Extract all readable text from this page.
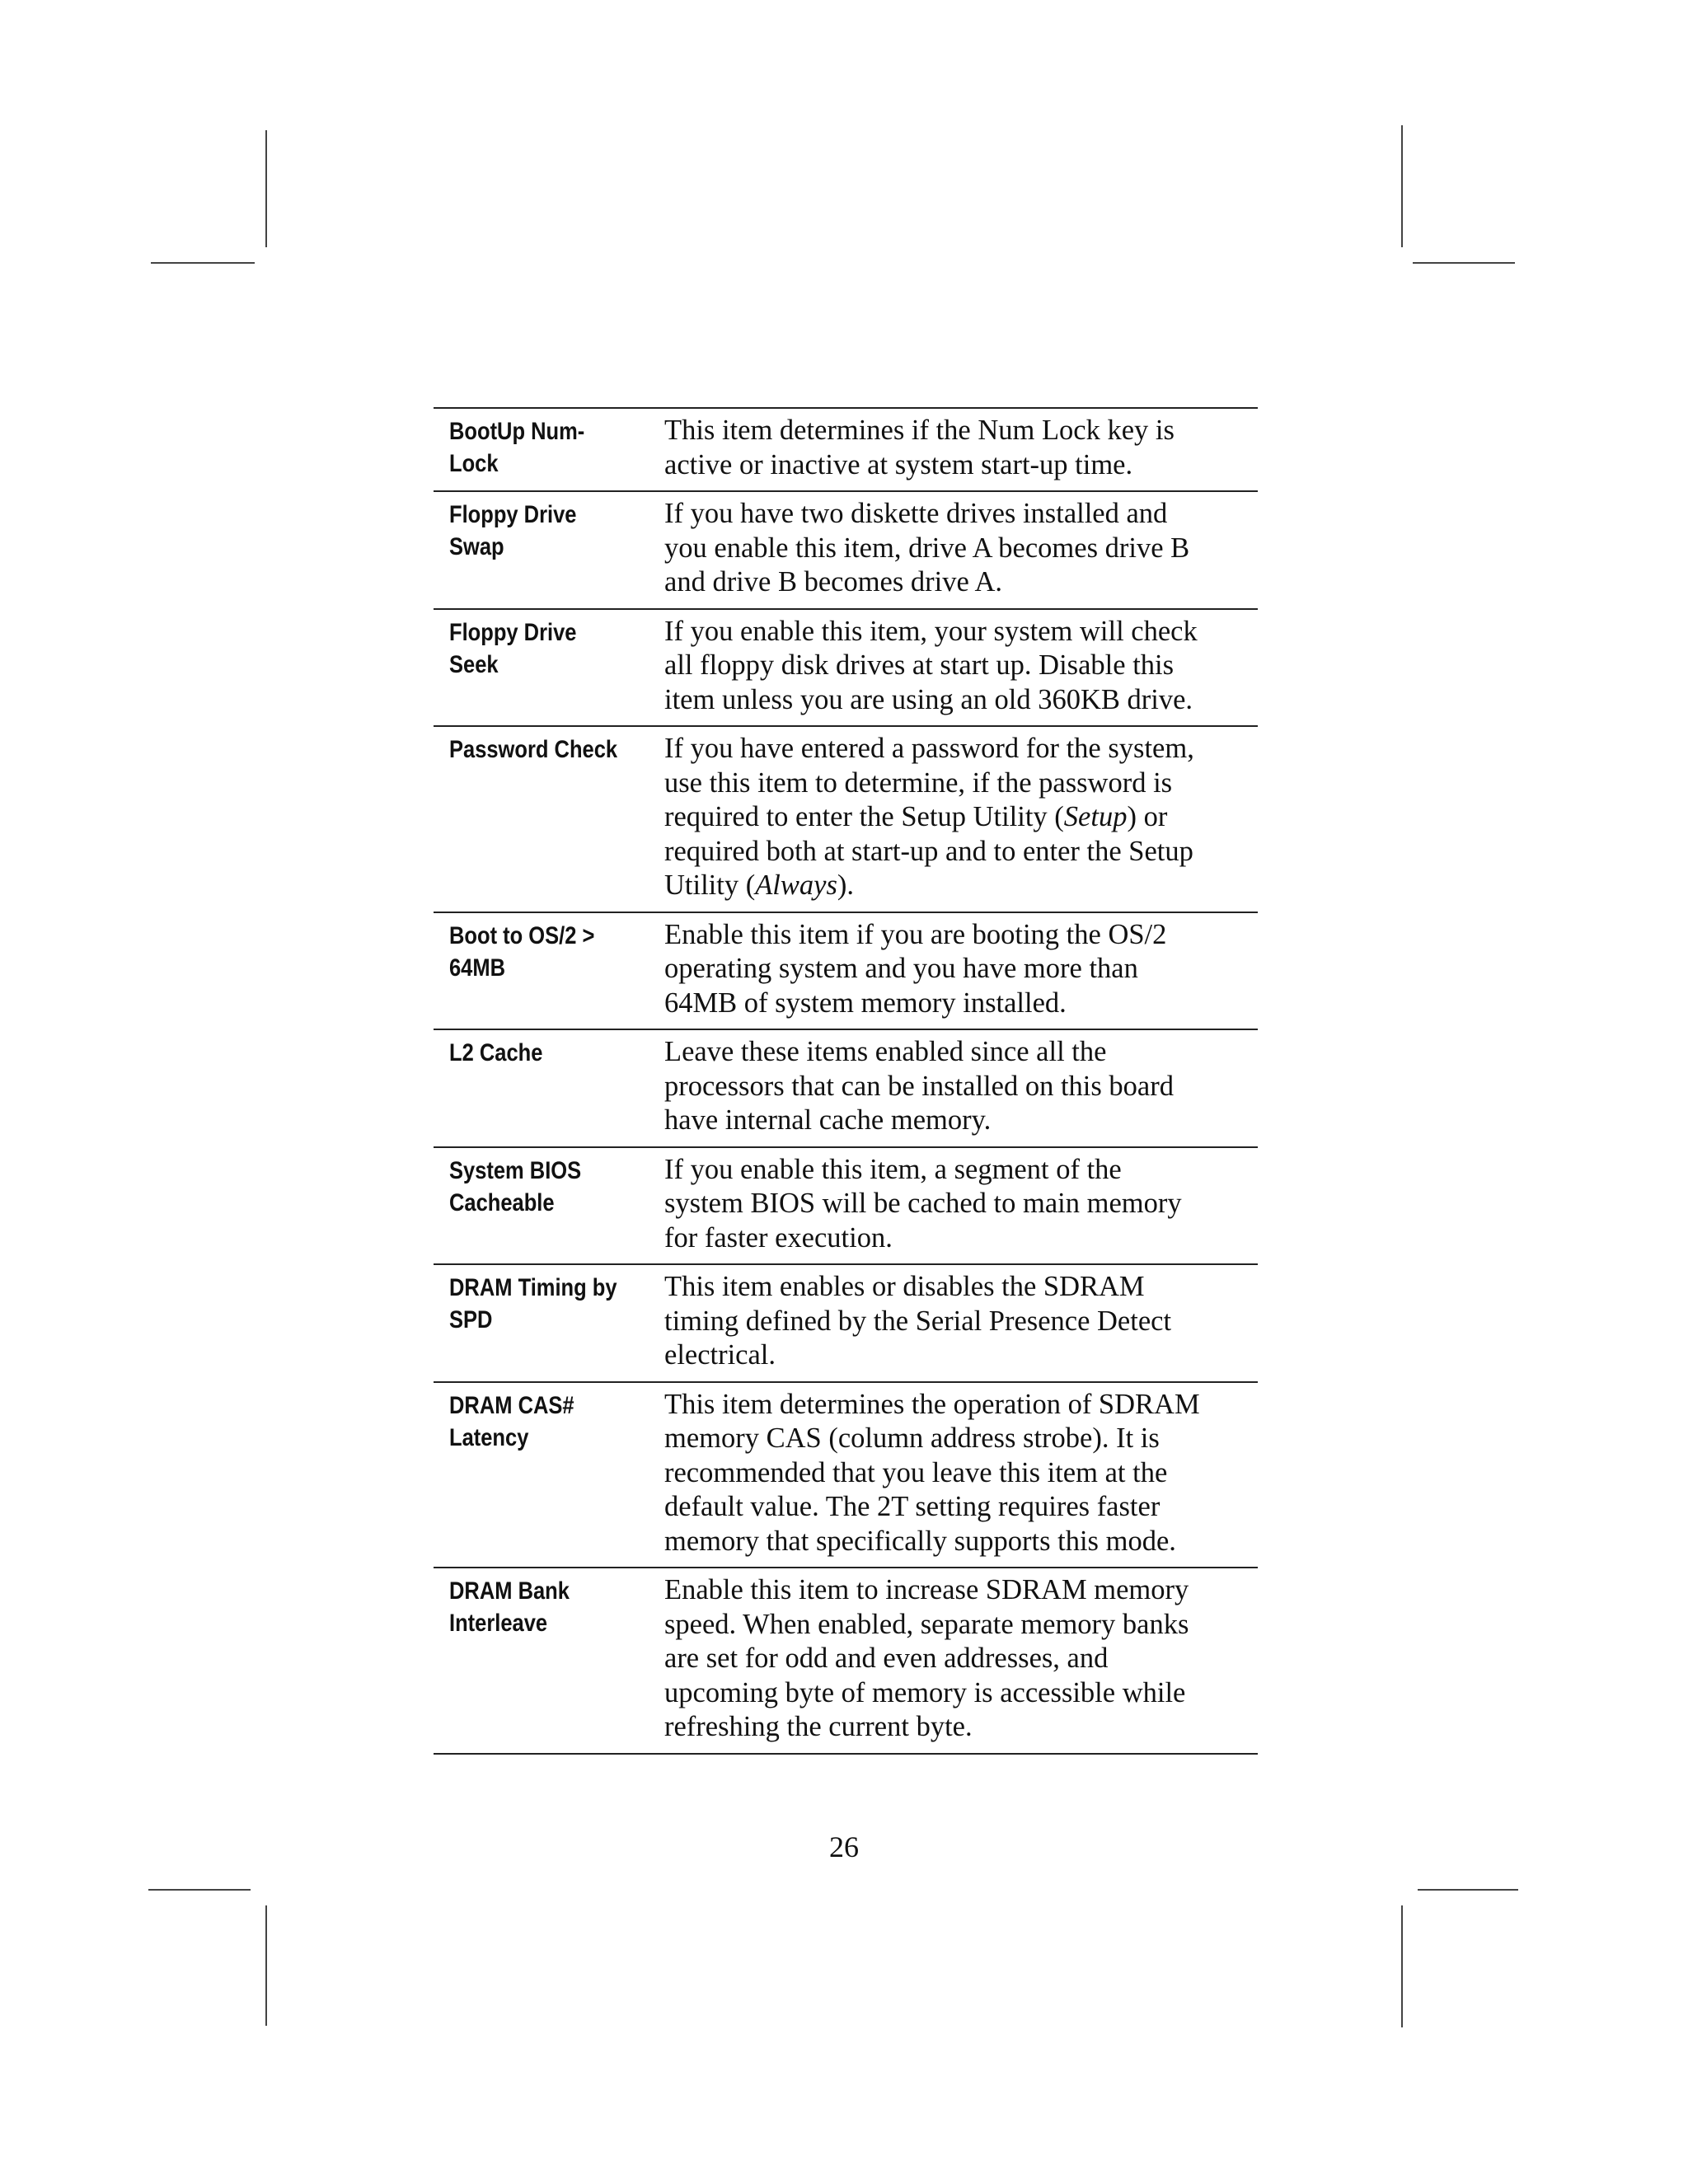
BootUp Num-
Lock	This item determines if the Num Lock key is
active or inactive at system start-up time.

Floppy Drive
Swap	If you have two diskette drives installed and
you enable this item, drive A becomes drive B
and drive B becomes drive A.

Floppy Drive
Seek	If you enable this item, your system will check
all floppy disk drives at start up. Disable this
item unless you are using an old 360KB drive.

Password Check	If you have entered a password for the system,
use this item to determine, if the password is
required to enter the Setup Utility (Setup) or
required both at start-up and to enter the Setup
Utility (Always).

Boot to OS/2 >
64MB	Enable this item if you are booting the OS/2
operating system and you have more than
64MB of system memory installed.

L2 Cache	Leave these items enabled since all the
processors that can be installed on this board
have internal cache memory.

System BIOS
Cacheable	If you enable this item, a segment of the
system BIOS will be cached to main memory
for faster execution.

DRAM Timing by
SPD	This item enables or disables the SDRAM
timing defined by the Serial Presence Detect
electrical.

DRAM CAS#
Latency	This item determines the operation of SDRAM
memory CAS (column address strobe). It is
recommended that you leave this item at the
default value. The 2T setting requires faster
memory that specifically supports this mode.

DRAM Bank
Interleave	Enable this item to increase SDRAM memory
speed. When enabled, separate memory banks
are set for odd and even addresses, and
upcoming byte of memory is accessible while
refreshing the current byte.
26
